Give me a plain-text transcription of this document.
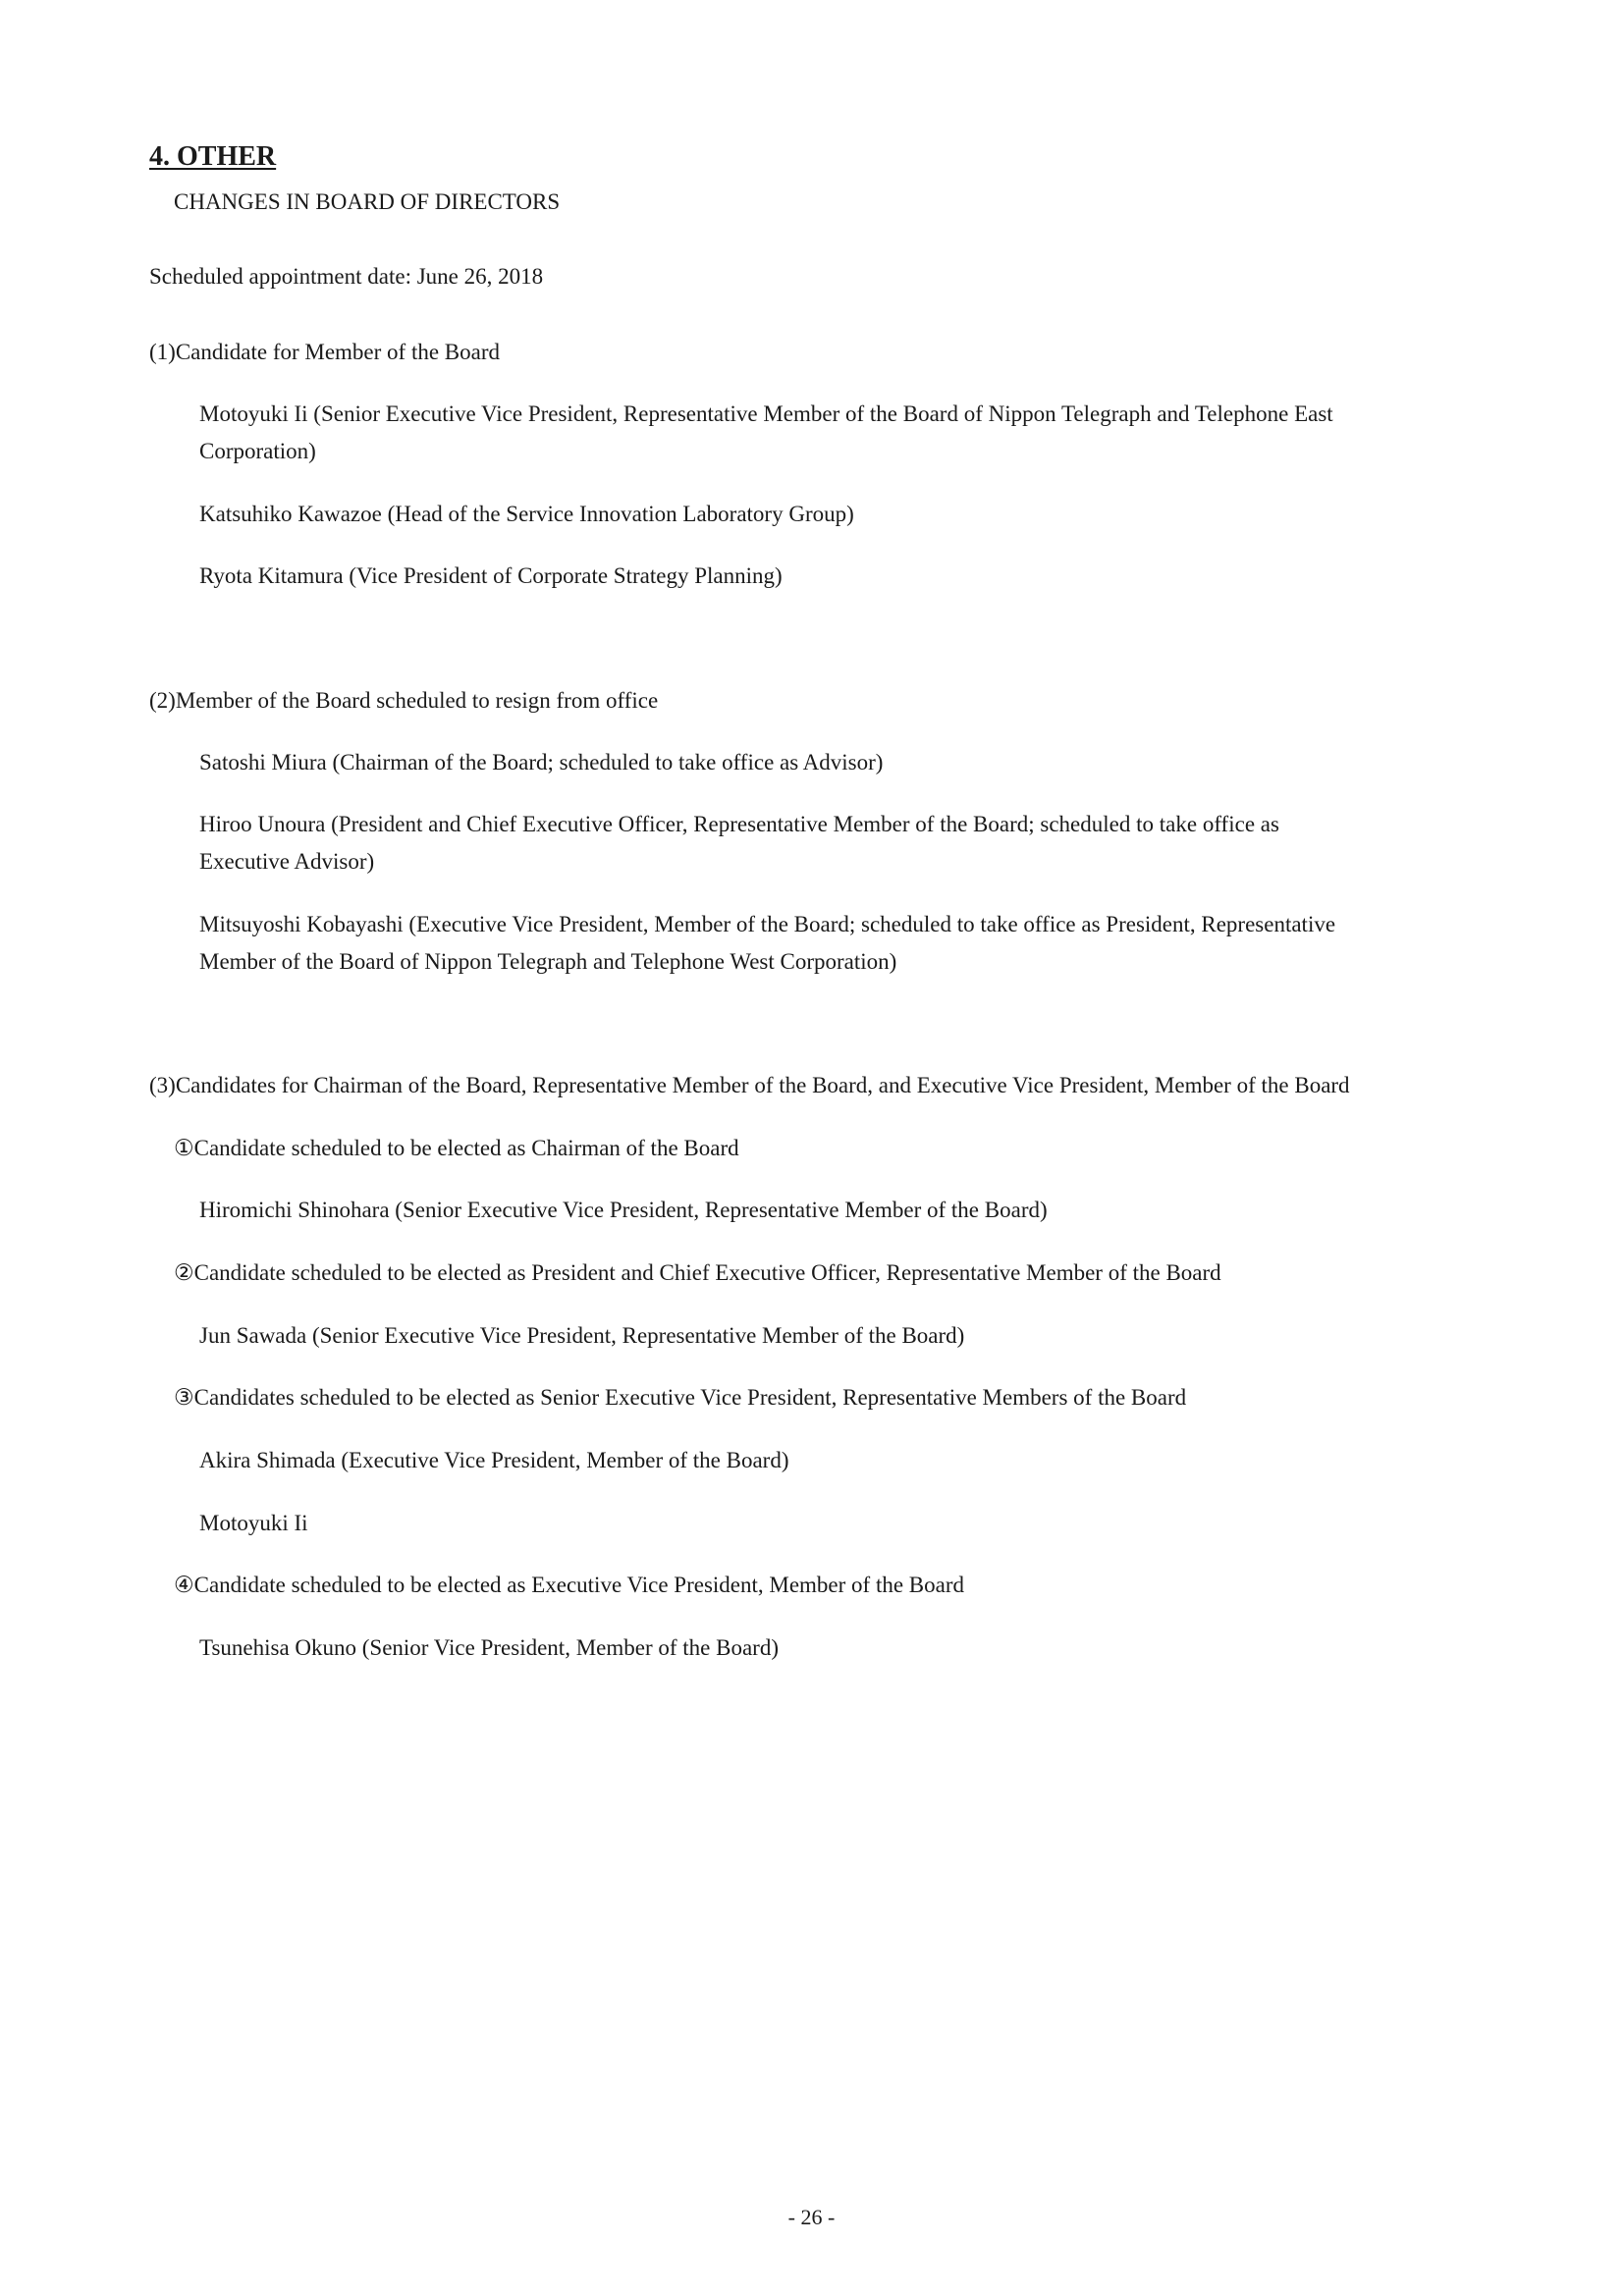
4. OTHER
CHANGES IN BOARD OF DIRECTORS
Scheduled appointment date: June 26, 2018
(1)Candidate for Member of the Board
Motoyuki Ii (Senior Executive Vice President, Representative Member of the Board of Nippon Telegraph and Telephone East
Corporation)
Katsuhiko Kawazoe (Head of the Service Innovation Laboratory Group)
Ryota Kitamura (Vice President of Corporate Strategy Planning)
(2)Member of the Board scheduled to resign from office
Satoshi Miura (Chairman of the Board; scheduled to take office as Advisor)
Hiroo Unoura (President and Chief Executive Officer, Representative Member of the Board; scheduled to take office as
Executive Advisor)
Mitsuyoshi Kobayashi (Executive Vice President, Member of the Board; scheduled to take office as President, Representative
Member of the Board of Nippon Telegraph and Telephone West Corporation)
(3)Candidates for Chairman of the Board, Representative Member of the Board, and Executive Vice President, Member of the Board
①Candidate scheduled to be elected as Chairman of the Board
Hiromichi Shinohara (Senior Executive Vice President, Representative Member of the Board)
②Candidate scheduled to be elected as President and Chief Executive Officer, Representative Member of the Board
Jun Sawada (Senior Executive Vice President, Representative Member of the Board)
③Candidates scheduled to be elected as Senior Executive Vice President, Representative Members of the Board
Akira Shimada (Executive Vice President, Member of the Board)
Motoyuki Ii
④Candidate scheduled to be elected as Executive Vice President, Member of the Board
Tsunehisa Okuno (Senior Vice President, Member of the Board)
- 26 -
